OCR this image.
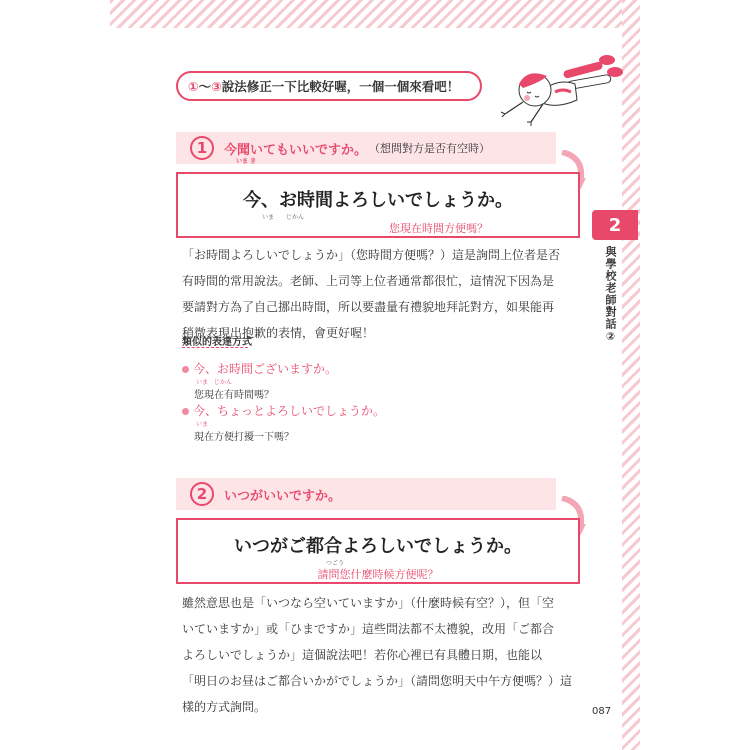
① ～ ③ 說法修正一下比較好喔，一個一個來看吧！
1	今聞いてもいいですか。
いま き
（想問對方是否有空時）
今、お時間よろしいでしょうか。
いま　　じかん
您現在時間方便嗎？
「お時間よろしいでしょうか」（您時間方便嗎？）這是詢問上位者是否
有時間的常用說法。老師、上司等上位者通常都很忙，這情況下因為是
要請對方為了自己挪出時間，所以要盡量有禮貌地拜託對方，如果能再
稍微表現出抱歉的表情，會更好喔！
類似的表達方式
今、お時間ございますか。
いま　じかん
您現在有時間嗎？
今、ちょっとよろしいでしょうか。
いま
現在方便打擾一下嗎？
2	いつがいいですか。
いつがご都合よろしいでしょうか。
つごう
請問您什麼時候方便呢？
雖然意思也是「いつなら空いていますか」（什麼時候有空？），但「空
いていますか」或「ひまですか」這些問法都不太禮貌，改用「ご都合
よろしいでしょうか」這個說法吧！若你心裡已有具體日期，也能以
「明日のお昼はご都合いかがでしょうか」（請問您明天中午方便嗎？）這
樣的方式詢問。
2
與學校老師對話②
087
